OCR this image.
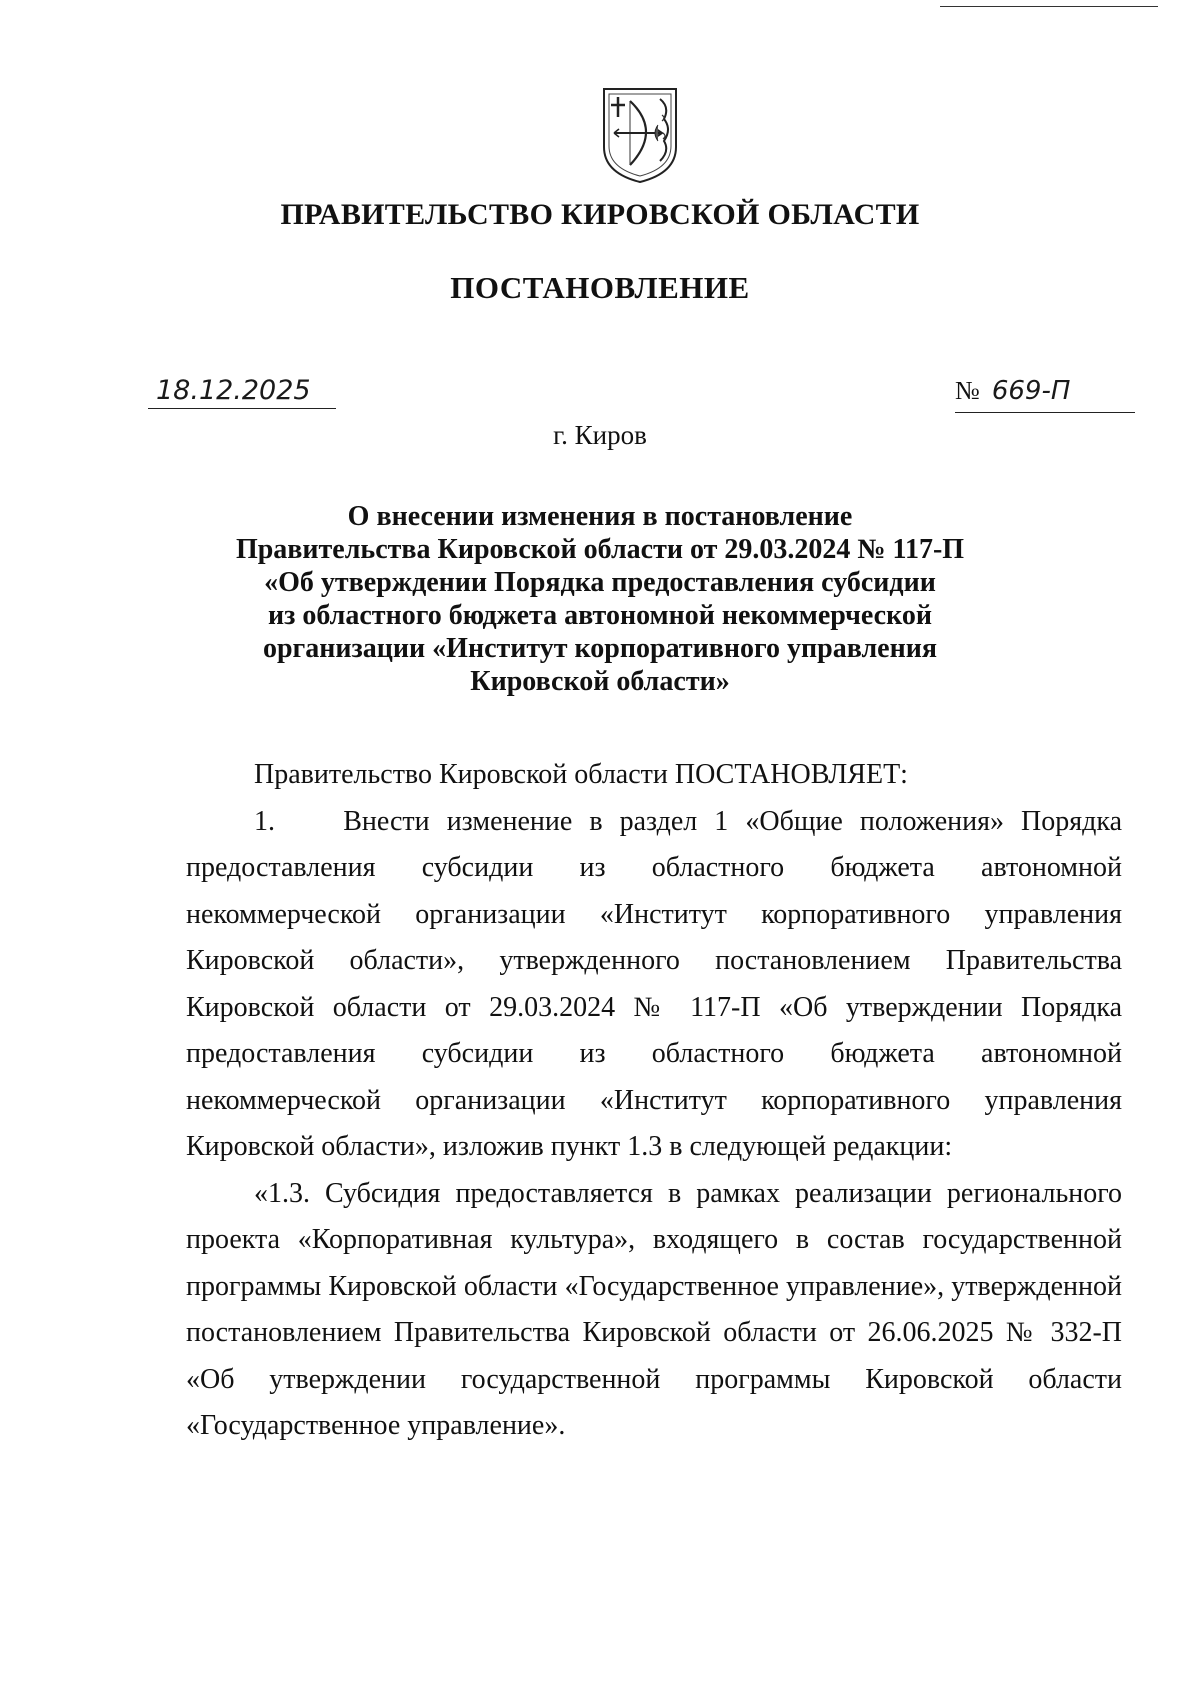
ПРАВИТЕЛЬСТВО КИРОВСКОЙ ОБЛАСТИ
ПОСТАНОВЛЕНИЕ
18.12.2025	№ 669-П
г. Киров
О внесении изменения в постановление
Правительства Кировской области от 29.03.2024 № 117-П
«Об утверждении Порядка предоставления субсидии
из областного бюджета автономной некоммерческой
организации «Институт корпоративного управления
Кировской области»

Правительство Кировской области ПОСТАНОВЛЯЕТ:

1.    Внести изменение в раздел 1 «Общие положения» Порядка предоставления субсидии из областного бюджета автономной некоммерческой организации «Институт корпоративного управления Кировской области», утвержденного постановлением Правительства Кировской области от 29.03.2024 № 117-П «Об утверждении Порядка предоставления субсидии из областного бюджета автономной некоммерческой организации «Институт корпоративного управления Кировской области», изложив пункт 1.3 в следующей редакции:

«1.3. Субсидия предоставляется в рамках реализации регионального проекта «Корпоративная культура», входящего в состав государственной программы Кировской области «Государственное управление», утвержденной постановлением Правительства Кировской области от 26.06.2025 № 332-П «Об утверждении государственной программы Кировской области «Государственное управление».
